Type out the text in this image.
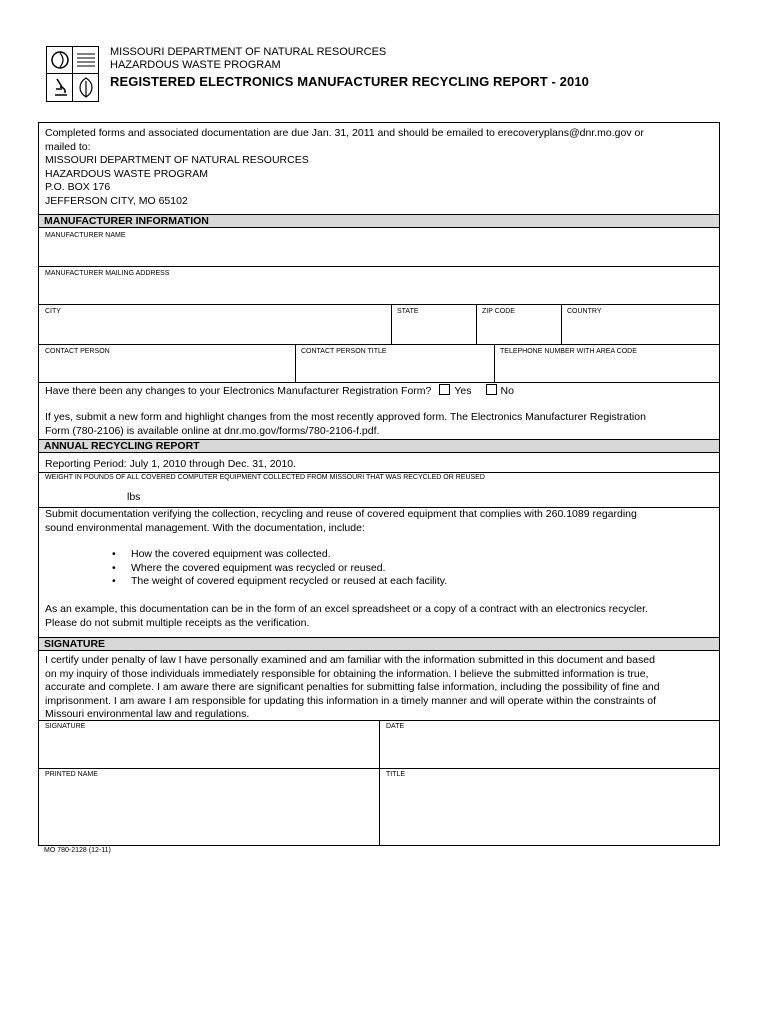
MISSOURI DEPARTMENT OF NATURAL RESOURCES
HAZARDOUS WASTE PROGRAM
REGISTERED ELECTRONICS MANUFACTURER RECYCLING REPORT - 2010
Completed forms and associated documentation are due Jan. 31, 2011 and should be emailed to erecoveryplans@dnr.mo.gov or
mailed to:
MISSOURI DEPARTMENT OF NATURAL RESOURCES
HAZARDOUS WASTE PROGRAM
P.O. BOX 176
JEFFERSON CITY, MO 65102
MANUFACTURER INFORMATION
MANUFACTURER NAME
MANUFACTURER MAILING ADDRESS
CITY	STATE	ZIP CODE	COUNTRY
CONTACT PERSON	CONTACT PERSON TITLE	TELEPHONE NUMBER WITH AREA CODE
Have there been any changes to your Electronics Manufacturer Registration Form? Yes	No
If yes, submit a new form and highlight changes from the most recently approved form. The Electronics Manufacturer Registration
Form (780-2106) is available online at dnr.mo.gov/forms/780-2106-f.pdf.
ANNUAL RECYCLING REPORT
Reporting Period: July 1, 2010 through Dec. 31, 2010.
WEIGHT IN POUNDS OF ALL COVERED COMPUTER EQUIPMENT COLLECTED FROM MISSOURI THAT WAS RECYCLED OR REUSED
lbs
Submit documentation verifying the collection, recycling and reuse of covered equipment that complies with 260.1089 regarding
sound environmental management. With the documentation, include:
• How the covered equipment was collected.
• Where the covered equipment was recycled or reused.
• The weight of covered equipment recycled or reused at each facility.
As an example, this documentation can be in the form of an excel spreadsheet or a copy of a contract with an electronics recycler.
Please do not submit multiple receipts as the verification.
SIGNATURE
I certify under penalty of law I have personally examined and am familiar with the information submitted in this document and based
on my inquiry of those individuals immediately responsible for obtaining the information. I believe the submitted information is true,
accurate and complete. I am aware there are significant penalties for submitting false information, including the possibility of fine and
imprisonment. I am aware I am responsible for updating this information in a timely manner and will operate within the constraints of
Missouri environmental law and regulations.
SIGNATURE	DATE
PRINTED NAME	TITLE
MO 780-2128 (12-11)
